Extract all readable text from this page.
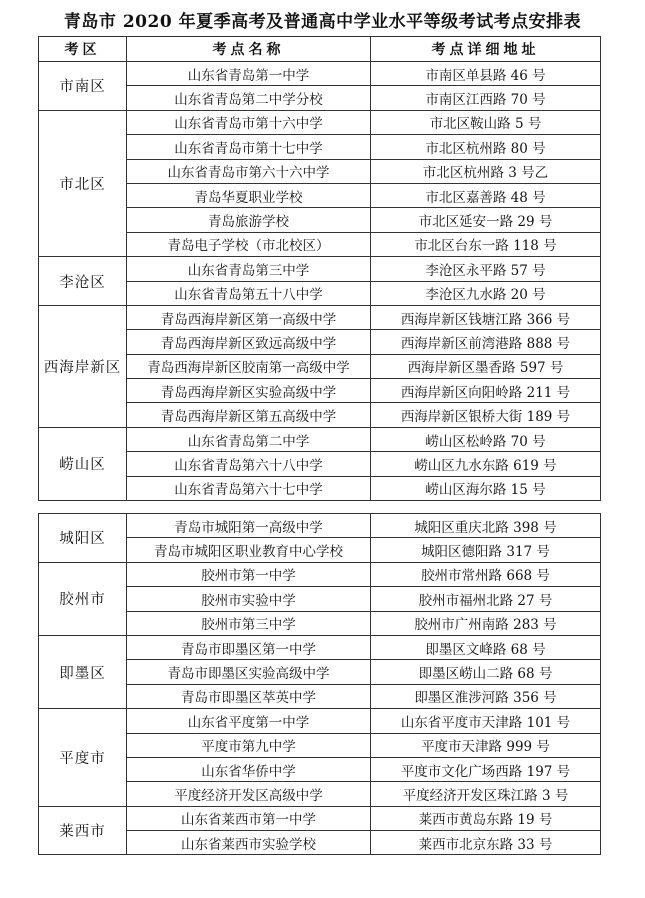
青岛市 2020 年夏季高考及普通高中学业水平等级考试考点安排表
考区	考点名称	考点详细地址
市南区	山东省青岛第一中学	市南区单县路 46 号
	山东省青岛第二中学分校	市南区江西路 70 号
市北区	山东省青岛市第十六中学	市北区鞍山路 5 号
	山东省青岛市第十七中学	市北区杭州路 80 号
	山东省青岛市第六十六中学	市北区杭州路 3 号乙
	青岛华夏职业学校	市北区嘉善路 48 号
	青岛旅游学校	市北区延安一路 29 号
	青岛电子学校（市北校区）	市北区台东一路 118 号
李沧区	山东省青岛第三中学	李沧区永平路 57 号
	山东省青岛第五十八中学	李沧区九水路 20 号
西海岸新区	青岛西海岸新区第一高级中学	西海岸新区钱塘江路 366 号
	青岛西海岸新区致远高级中学	西海岸新区前湾港路 888 号
	青岛西海岸新区胶南第一高级中学	西海岸新区墨香路 597 号
	青岛西海岸新区实验高级中学	西海岸新区向阳岭路 211 号
	青岛西海岸新区第五高级中学	西海岸新区银桥大街 189 号
崂山区	山东省青岛第二中学	崂山区松岭路 70 号
	山东省青岛第六十八中学	崂山区九水东路 619 号
	山东省青岛第六十七中学	崂山区海尔路 15 号
城阳区	青岛市城阳第一高级中学	城阳区重庆北路 398 号
	青岛市城阳区职业教育中心学校	城阳区德阳路 317 号
胶州市	胶州市第一中学	胶州市常州路 668 号
	胶州市实验中学	胶州市福州北路 27 号
	胶州市第三中学	胶州市广州南路 283 号
即墨区	青岛市即墨区第一中学	即墨区文峰路 68 号
	青岛市即墨区实验高级中学	即墨区崂山二路 68 号
	青岛市即墨区萃英中学	即墨区淮涉河路 356 号
平度市	山东省平度第一中学	山东省平度市天津路 101 号
	平度市第九中学	平度市天津路 999 号
	山东省华侨中学	平度市文化广场西路 197 号
	平度经济开发区高级中学	平度经济开发区珠江路 3 号
莱西市	山东省莱西市第一中学	莱西市黄岛东路 19 号
	山东省莱西市实验学校	莱西市北京东路 33 号
